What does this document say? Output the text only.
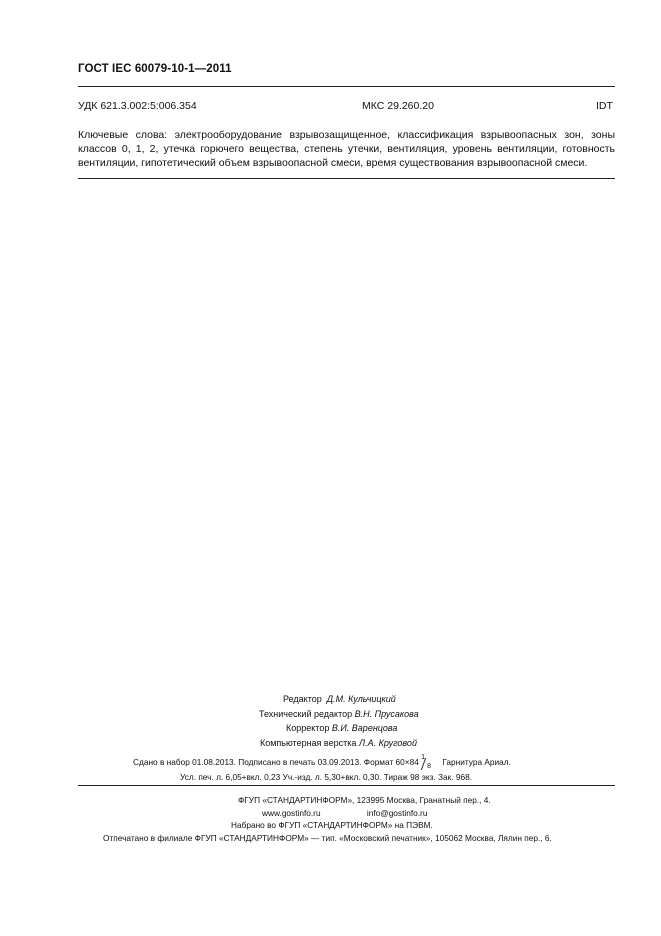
ГОСТ IEC 60079-10-1—2011
УДК 621.3.002:5:006.354	МКС 29.260.20	IDT
Ключевые слова: электрооборудование взрывозащищенное, классификация взрывоопасных зон, зоны классов 0, 1, 2, утечка горючего вещества, степень утечки, вентиляция, уровень вентиляции, готовность вентиляции, гипотетический объем взрывоопасной смеси, время существования взрывоопасной смеси.
Редактор Д.М. Кульчицкий
Технический редактор В.Н. Прусакова
Корректор В.И. Варенцова
Компьютерная верстка Л.А. Круговой
Сдано в набор 01.08.2013. Подписано в печать 03.09.2013. Формат 60×84 1
8 Гарнитура Ариал.
Усл. печ. л. 6,05+вкл. 0,23 Уч.-изд. л. 5,30+вкл. 0,30. Тираж 98 экз. Зак. 968.
ФГУП «СТАНДАРТИНФОРМ», 123995 Москва, Гранатный пер., 4.
www.gostinfo.ru	info@gostinfo.ru
Набрано во ФГУП «СТАНДАРТИНФОРМ» на ПЭВМ.
Отпечатано в филиале ФГУП «СТАНДАРТИНФОРМ» — тип. «Московский печатник», 105062 Москва, Лялин пер., 6.
